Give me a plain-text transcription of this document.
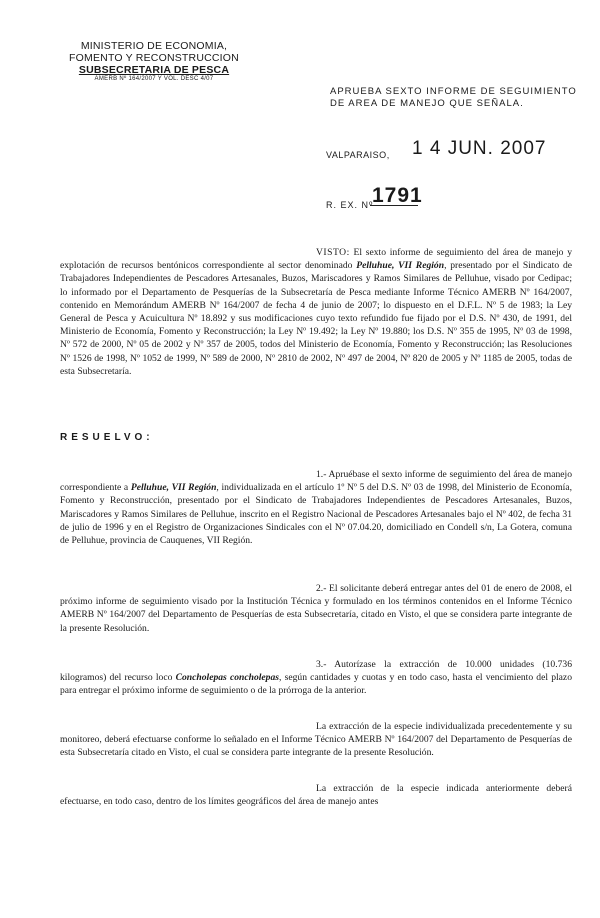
MINISTERIO DE ECONOMIA,
FOMENTO Y RECONSTRUCCION
SUBSECRETARIA DE PESCA
AMERB Nº 164/2007 Y VOL. DESC 4/07
APRUEBA SEXTO INFORME DE SEGUIMIENTO
DE AREA DE MANEJO QUE SEÑALA.
VALPARAISO, 1 4 JUN. 2007
R. EX. Nº
1791
VISTO: El sexto informe de seguimiento del área de manejo y explotación de recursos bentónicos correspondiente al sector denominado Pelluhue, VII Región, presentado por el Sindicato de Trabajadores Independientes de Pescadores Artesanales, Buzos, Mariscadores y Ramos Similares de Pelluhue, visado por Cedipac; lo informado por el Departamento de Pesquerías de la Subsecretaría de Pesca mediante Informe Técnico AMERB Nº 164/2007, contenido en Memorándum AMERB Nº 164/2007 de fecha 4 de junio de 2007; lo dispuesto en el D.F.L. Nº 5 de 1983; la Ley General de Pesca y Acuicultura Nº 18.892 y sus modificaciones cuyo texto refundido fue fijado por el D.S. Nº 430, de 1991, del Ministerio de Economía, Fomento y Reconstrucción; la Ley Nº 19.492; la Ley Nº 19.880; los D.S. Nº 355 de 1995, Nº 03 de 1998, Nº 572 de 2000, Nº 05 de 2002 y Nº 357 de 2005, todos del Ministerio de Economía, Fomento y Reconstrucción; las Resoluciones Nº 1526 de 1998, Nº 1052 de 1999, Nº 589 de 2000, Nº 2810 de 2002, Nº 497 de 2004, Nº 820 de 2005 y Nº 1185 de 2005, todas de esta Subsecretaría.
RESUELVO:
1.- Apruébase el sexto informe de seguimiento del área de manejo correspondiente a Pelluhue, VII Región, individualizada en el artículo 1º Nº 5 del D.S. Nº 03 de 1998, del Ministerio de Economía, Fomento y Reconstrucción, presentado por el Sindicato de Trabajadores Independientes de Pescadores Artesanales, Buzos, Mariscadores y Ramos Similares de Pelluhue, inscrito en el Registro Nacional de Pescadores Artesanales bajo el Nº 402, de fecha 31 de julio de 1996 y en el Registro de Organizaciones Sindicales con el Nº 07.04.20, domiciliado en Condell s/n, La Gotera, comuna de Pelluhue, provincia de Cauquenes, VII Región.
2.- El solicitante deberá entregar antes del 01 de enero de 2008, el próximo informe de seguimiento visado por la Institución Técnica y formulado en los términos contenidos en el Informe Técnico AMERB Nº 164/2007 del Departamento de Pesquerías de esta Subsecretaría, citado en Visto, el que se considera parte integrante de la presente Resolución.
3.- Autorízase la extracción de 10.000 unidades (10.736 kilogramos) del recurso loco Concholepas concholepas, según cantidades y cuotas y en todo caso, hasta el vencimiento del plazo para entregar el próximo informe de seguimiento o de la prórroga de la anterior.
La extracción de la especie individualizada precedentemente y su monitoreo, deberá efectuarse conforme lo señalado en el Informe Técnico AMERB Nº 164/2007 del Departamento de Pesquerías de esta Subsecretaría citado en Visto, el cual se considera parte integrante de la presente Resolución.
La extracción de la especie indicada anteriormente deberá efectuarse, en todo caso, dentro de los límites geográficos del área de manejo antes
